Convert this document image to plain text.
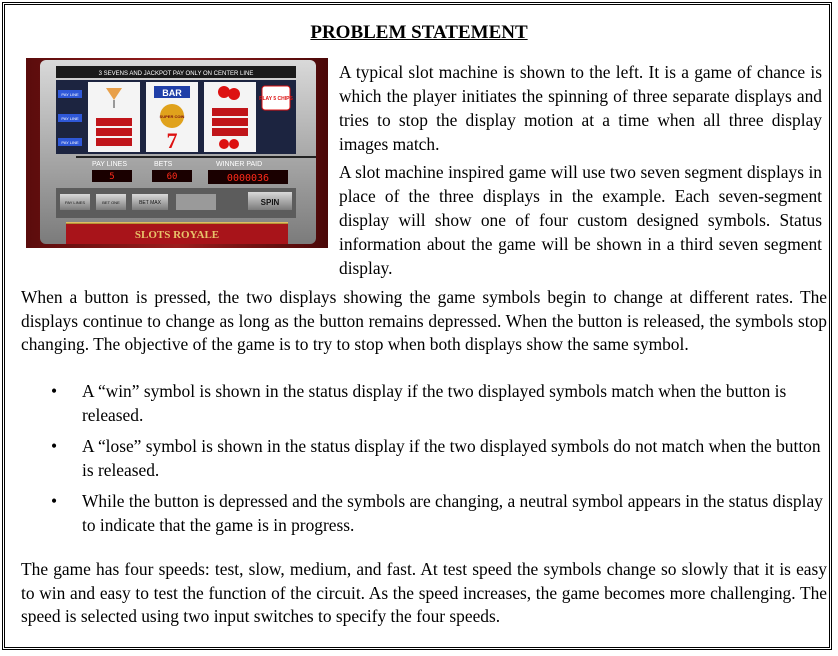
PROBLEM STATEMENT
3 SEVENS AND JACKPOT PAY ONLY ON CENTER LINE
PAY LINE
PAY LINE
PAY LINE
BAR
SUPER COIN
7
PLAY 5 CHIPS
PAY LINES	BETS	WINNER PAID
5	60	0000036
PAY LINES	BET ONE	BET MAX	SPIN
SLOTS ROYALE

A typical slot machine is shown to the left. It is a game of chance is which the player initiates the spinning of three separate displays and tries to stop the display motion at a time when all three display images match.

A slot machine inspired game will use two seven segment displays in place of the three displays in the example. Each seven-segment display will show one of four custom designed symbols. Status information about the game will be shown in a third seven segment display.

When a button is pressed, the two displays showing the game symbols begin to change at different rates. The displays continue to change as long as the button remains depressed. When the button is released, the symbols stop changing. The objective of the game is to try to stop when both displays show the same symbol.

• A “win” symbol is shown in the status display if the two displayed symbols match when the button is released.
• A “lose” symbol is shown in the status display if the two displayed symbols do not match when the button is released.
• While the button is depressed and the symbols are changing, a neutral symbol appears in the status display to indicate that the game is in progress.

The game has four speeds: test, slow, medium, and fast. At test speed the symbols change so slowly that it is easy to win and easy to test the function of the circuit. As the speed increases, the game becomes more challenging. The speed is selected using two input switches to specify the four speeds.
